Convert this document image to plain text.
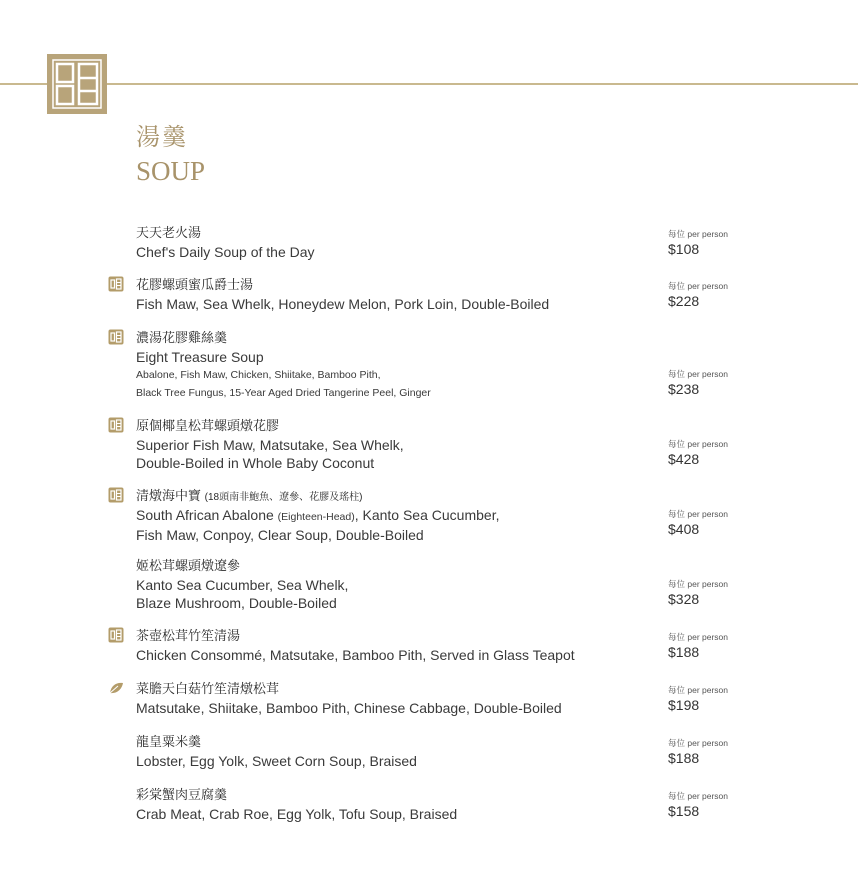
湯羹
SOUP
天天老火湯
Chef's Daily Soup of the Day
每位 per person
$108
花膠螺頭蜜瓜爵士湯
Fish Maw, Sea Whelk, Honeydew Melon, Pork Loin, Double-Boiled
每位 per person
$228
濃湯花膠雞絲羹
Eight Treasure Soup
Abalone, Fish Maw, Chicken, Shiitake, Bamboo Pith,
Black Tree Fungus, 15-Year Aged Dried Tangerine Peel, Ginger
每位 per person
$238
原個椰皇松茸螺頭燉花膠
Superior Fish Maw, Matsutake, Sea Whelk,
Double-Boiled in Whole Baby Coconut
每位 per person
$428
清燉海中寶 (18頭南非鮑魚、遼參、花膠及瑤柱)
South African Abalone (Eighteen-Head), Kanto Sea Cucumber,
Fish Maw, Conpoy, Clear Soup, Double-Boiled
每位 per person
$408
姬松茸螺頭燉遼參
Kanto Sea Cucumber, Sea Whelk,
Blaze Mushroom, Double-Boiled
每位 per person
$328
茶壺松茸竹笙清湯
Chicken Consommé, Matsutake, Bamboo Pith, Served in Glass Teapot
每位 per person
$188
菜膽天白菇竹笙清燉松茸
Matsutake, Shiitake, Bamboo Pith, Chinese Cabbage, Double-Boiled
每位 per person
$198
龍皇粟米羹
Lobster, Egg Yolk, Sweet Corn Soup, Braised
每位 per person
$188
彩棠蟹肉豆腐羹
Crab Meat, Crab Roe, Egg Yolk, Tofu Soup, Braised
每位 per person
$158
